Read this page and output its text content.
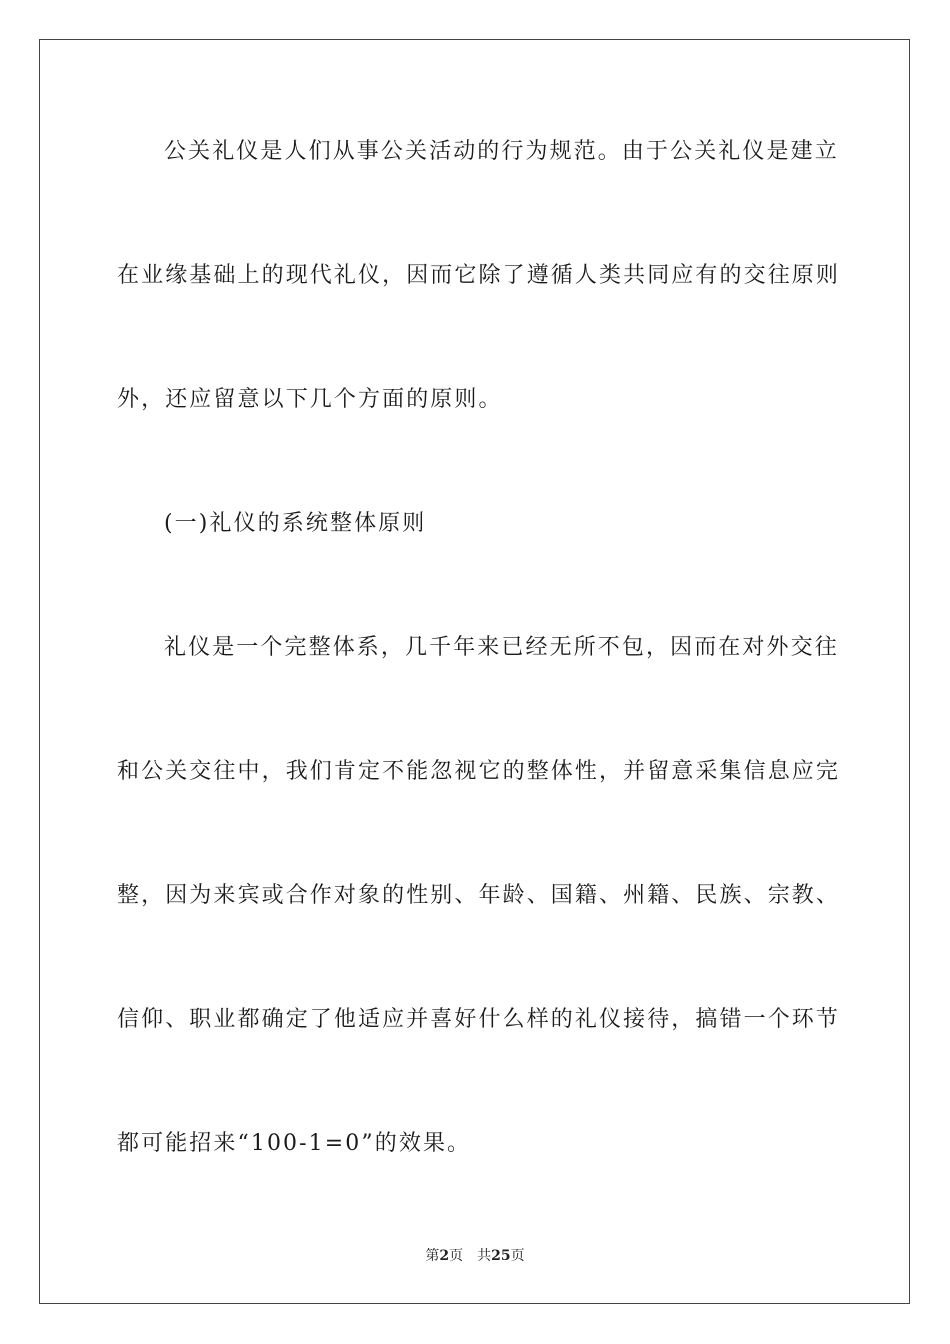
公关礼仪是人们从事公关活动的行为规范。由于公关礼仪是建立
在业缘基础上的现代礼仪，因而它除了遵循人类共同应有的交往原则
外，还应留意以下几个方面的原则。
(一)礼仪的系统整体原则
礼仪是一个完整体系，几千年来已经无所不包，因而在对外交往
和公关交往中，我们肯定不能忽视它的整体性，并留意采集信息应完
整，因为来宾或合作对象的性别、年龄、国籍、州籍、民族、宗教、
信仰、职业都确定了他适应并喜好什么样的礼仪接待，搞错一个环节
都可能招来“100-1=0”的效果。
第2页 共25页
